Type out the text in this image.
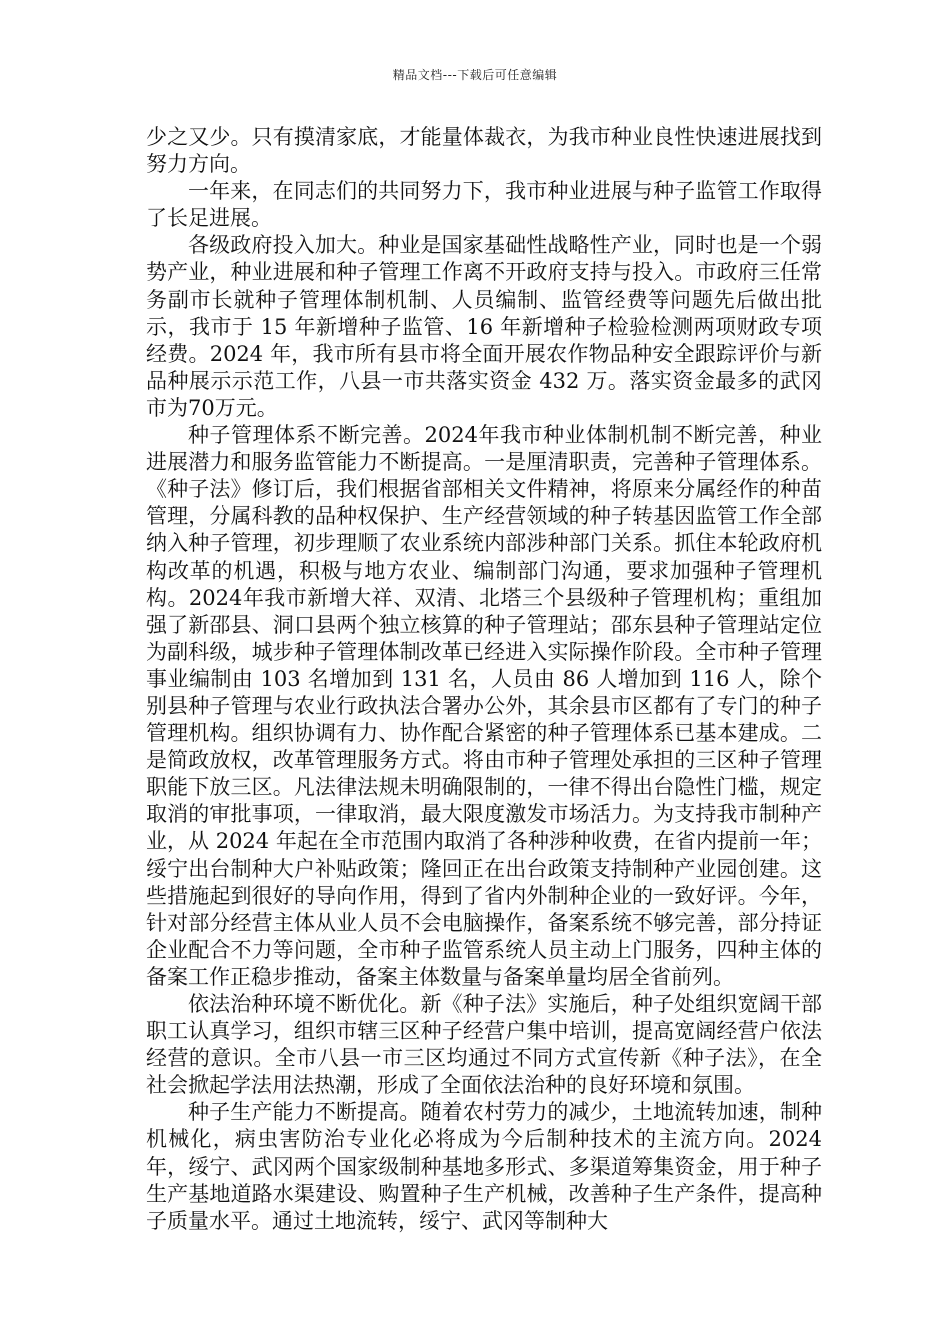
精品文档---下载后可任意编辑

少之又少。只有摸清家底，才能量体裁衣，为我市种业良性快速进展找到努力方向。

一年来，在同志们的共同努力下，我市种业进展与种子监管工作取得了长足进展。

各级政府投入加大。种业是国家基础性战略性产业，同时也是一个弱势产业，种业进展和种子管理工作离不开政府支持与投入。市政府三任常务副市长就种子管理体制机制、人员编制、监管经费等问题先后做出批示，我市于 15 年新增种子监管、16 年新增种子检验检测两项财政专项经费。2024 年，我市所有县市将全面开展农作物品种安全跟踪评价与新品种展示示范工作，八县一市共落实资金 432 万。落实资金最多的武冈市为70万元。

种子管理体系不断完善。2024年我市种业体制机制不断完善，种业进展潜力和服务监管能力不断提高。一是厘清职责，完善种子管理体系。《种子法》修订后，我们根据省部相关文件精神，将原来分属经作的种苗管理，分属科教的品种权保护、生产经营领域的种子转基因监管工作全部纳入种子管理，初步理顺了农业系统内部涉种部门关系。抓住本轮政府机构改革的机遇，积极与地方农业、编制部门沟通，要求加强种子管理机构。2024年我市新增大祥、双清、北塔三个县级种子管理机构；重组加强了新邵县、洞口县两个独立核算的种子管理站；邵东县种子管理站定位为副科级，城步种子管理体制改革已经进入实际操作阶段。全市种子管理事业编制由 103 名增加到 131 名，人员由 86 人增加到 116 人，除个别县种子管理与农业行政执法合署办公外，其余县市区都有了专门的种子管理机构。组织协调有力、协作配合紧密的种子管理体系已基本建成。二是简政放权，改革管理服务方式。将由市种子管理处承担的三区种子管理职能下放三区。凡法律法规未明确限制的，一律不得出台隐性门槛，规定取消的审批事项，一律取消，最大限度激发市场活力。为支持我市制种产业，从 2024 年起在全市范围内取消了各种涉种收费，在省内提前一年；绥宁出台制种大户补贴政策；隆回正在出台政策支持制种产业园创建。这些措施起到很好的导向作用，得到了省内外制种企业的一致好评。今年，针对部分经营主体从业人员不会电脑操作，备案系统不够完善，部分持证企业配合不力等问题，全市种子监管系统人员主动上门服务，四种主体的备案工作正稳步推动，备案主体数量与备案单量均居全省前列。

依法治种环境不断优化。新《种子法》实施后，种子处组织宽阔干部职工认真学习，组织市辖三区种子经营户集中培训，提高宽阔经营户依法经营的意识。全市八县一市三区均通过不同方式宣传新《种子法》，在全社会掀起学法用法热潮，形成了全面依法治种的良好环境和氛围。

种子生产能力不断提高。随着农村劳力的减少，土地流转加速，制种机械化，病虫害防治专业化必将成为今后制种技术的主流方向。2024 年，绥宁、武冈两个国家级制种基地多形式、多渠道筹集资金，用于种子生产基地道路水渠建设、购置种子生产机械，改善种子生产条件，提高种子质量水平。通过土地流转，绥宁、武冈等制种大
